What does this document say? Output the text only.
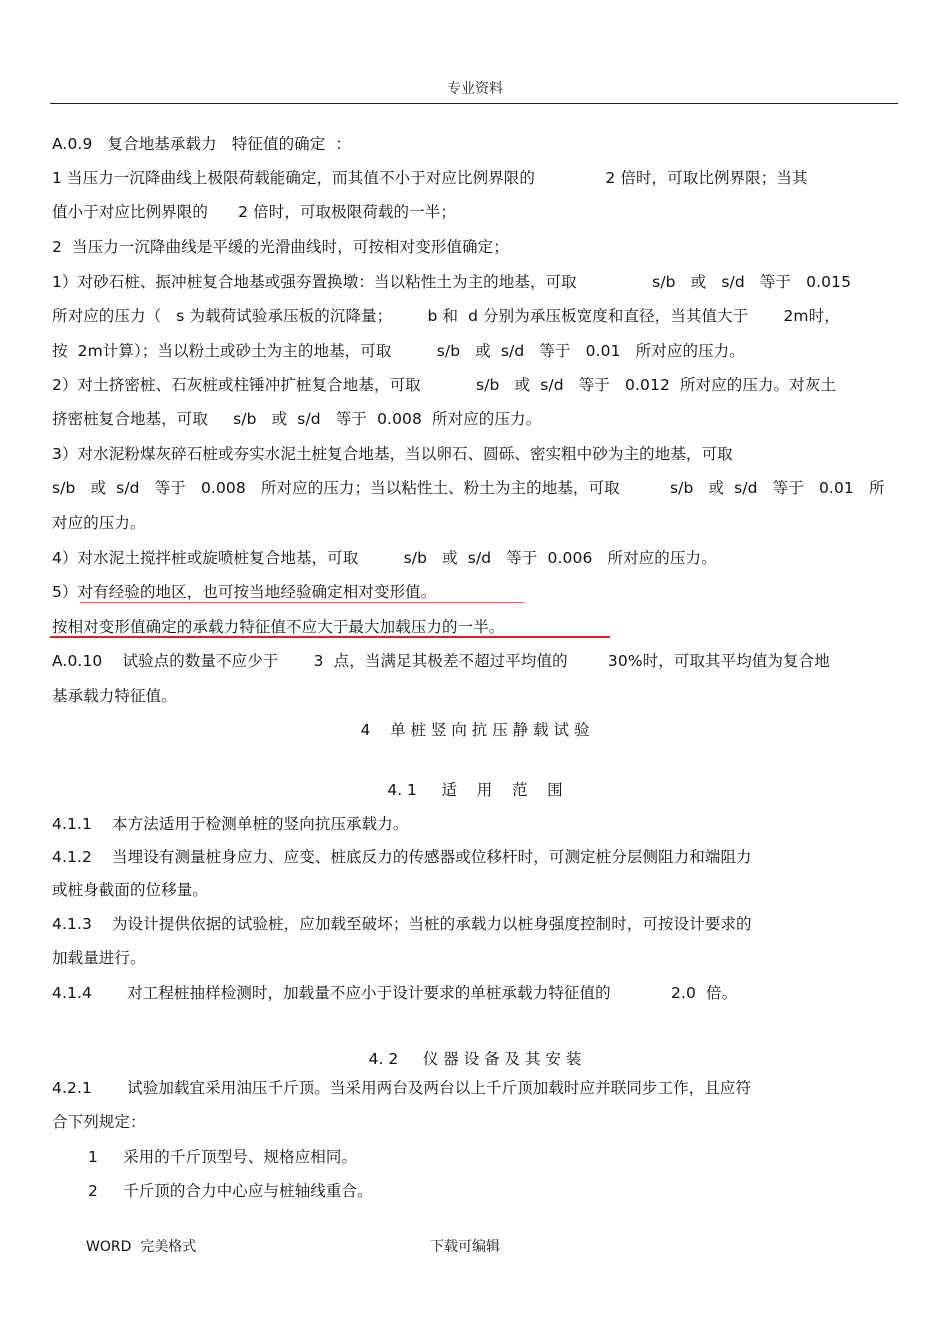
专业资料
A.0.9   复合地基承载力   特征值的确定  ：
1 当压力一沉降曲线上极限荷载能确定，而其值不小于对应比例界限的              2 倍时，可取比例界限；当其
值小于对应比例界限的      2 倍时，可取极限荷载的一半；
2  当压力一沉降曲线是平缓的光滑曲线时，可按相对变形值确定；
1）对砂石桩、振冲桩复合地基或强夯置换墩：当以粘性土为主的地基，可取               s/b   或   s/d   等于   0.015
所对应的压力（   s 为载荷试验承压板的沉降量；       b 和  d 分别为承压板宽度和直径，当其值大于       2m时，
按  2m计算）；当以粉土或砂土为主的地基，可取         s/b   或  s/d   等于   0.01   所对应的压力。
2）对土挤密桩、石灰桩或柱锤冲扩桩复合地基，可取           s/b   或  s/d   等于   0.012  所对应的压力。对灰土
挤密桩复合地基，可取     s/b   或  s/d   等于  0.008  所对应的压力。
3）对水泥粉煤灰碎石桩或夯实水泥土桩复合地基，当以卵石、圆砾、密实粗中砂为主的地基，可取
s/b   或  s/d   等于   0.008   所对应的压力；当以粘性土、粉土为主的地基，可取          s/b   或  s/d   等于   0.01   所
对应的压力。
4）对水泥土搅拌桩或旋喷桩复合地基，可取         s/b   或  s/d   等于  0.006   所对应的压力。
5）对有经验的地区，也可按当地经验确定相对变形值。
按相对变形值确定的承载力特征值不应大于最大加载压力的一半。
A.0.10    试验点的数量不应少于       3  点，当满足其极差不超过平均值的        30%时，可取其平均值为复合地
基承载力特征值。
4    单 桩 竖 向 抗 压 静 载 试 验
4. 1     适    用    范    围
4.1.1    本方法适用于检测单桩的竖向抗压承载力。
4.1.2    当埋设有测量桩身应力、应变、桩底反力的传感器或位移杆时，可测定桩分层侧阻力和端阻力
或桩身截面的位移量。
4.1.3    为设计提供依据的试验桩，应加载至破坏；当桩的承载力以桩身强度控制时，可按设计要求的
加载量进行。
4.1.4       对工程桩抽样检测时，加载量不应小于设计要求的单桩承载力特征值的            2.0  倍。
4. 2     仪 器 设 备 及 其 安 装
4.2.1       试验加载宜采用油压千斤顶。当采用两台及两台以上千斤顶加载时应并联同步工作，且应符
合下列规定：
1     采用的千斤顶型号、规格应相同。
2     千斤顶的合力中心应与桩轴线重合。
WORD  完美格式	下载可编辑
